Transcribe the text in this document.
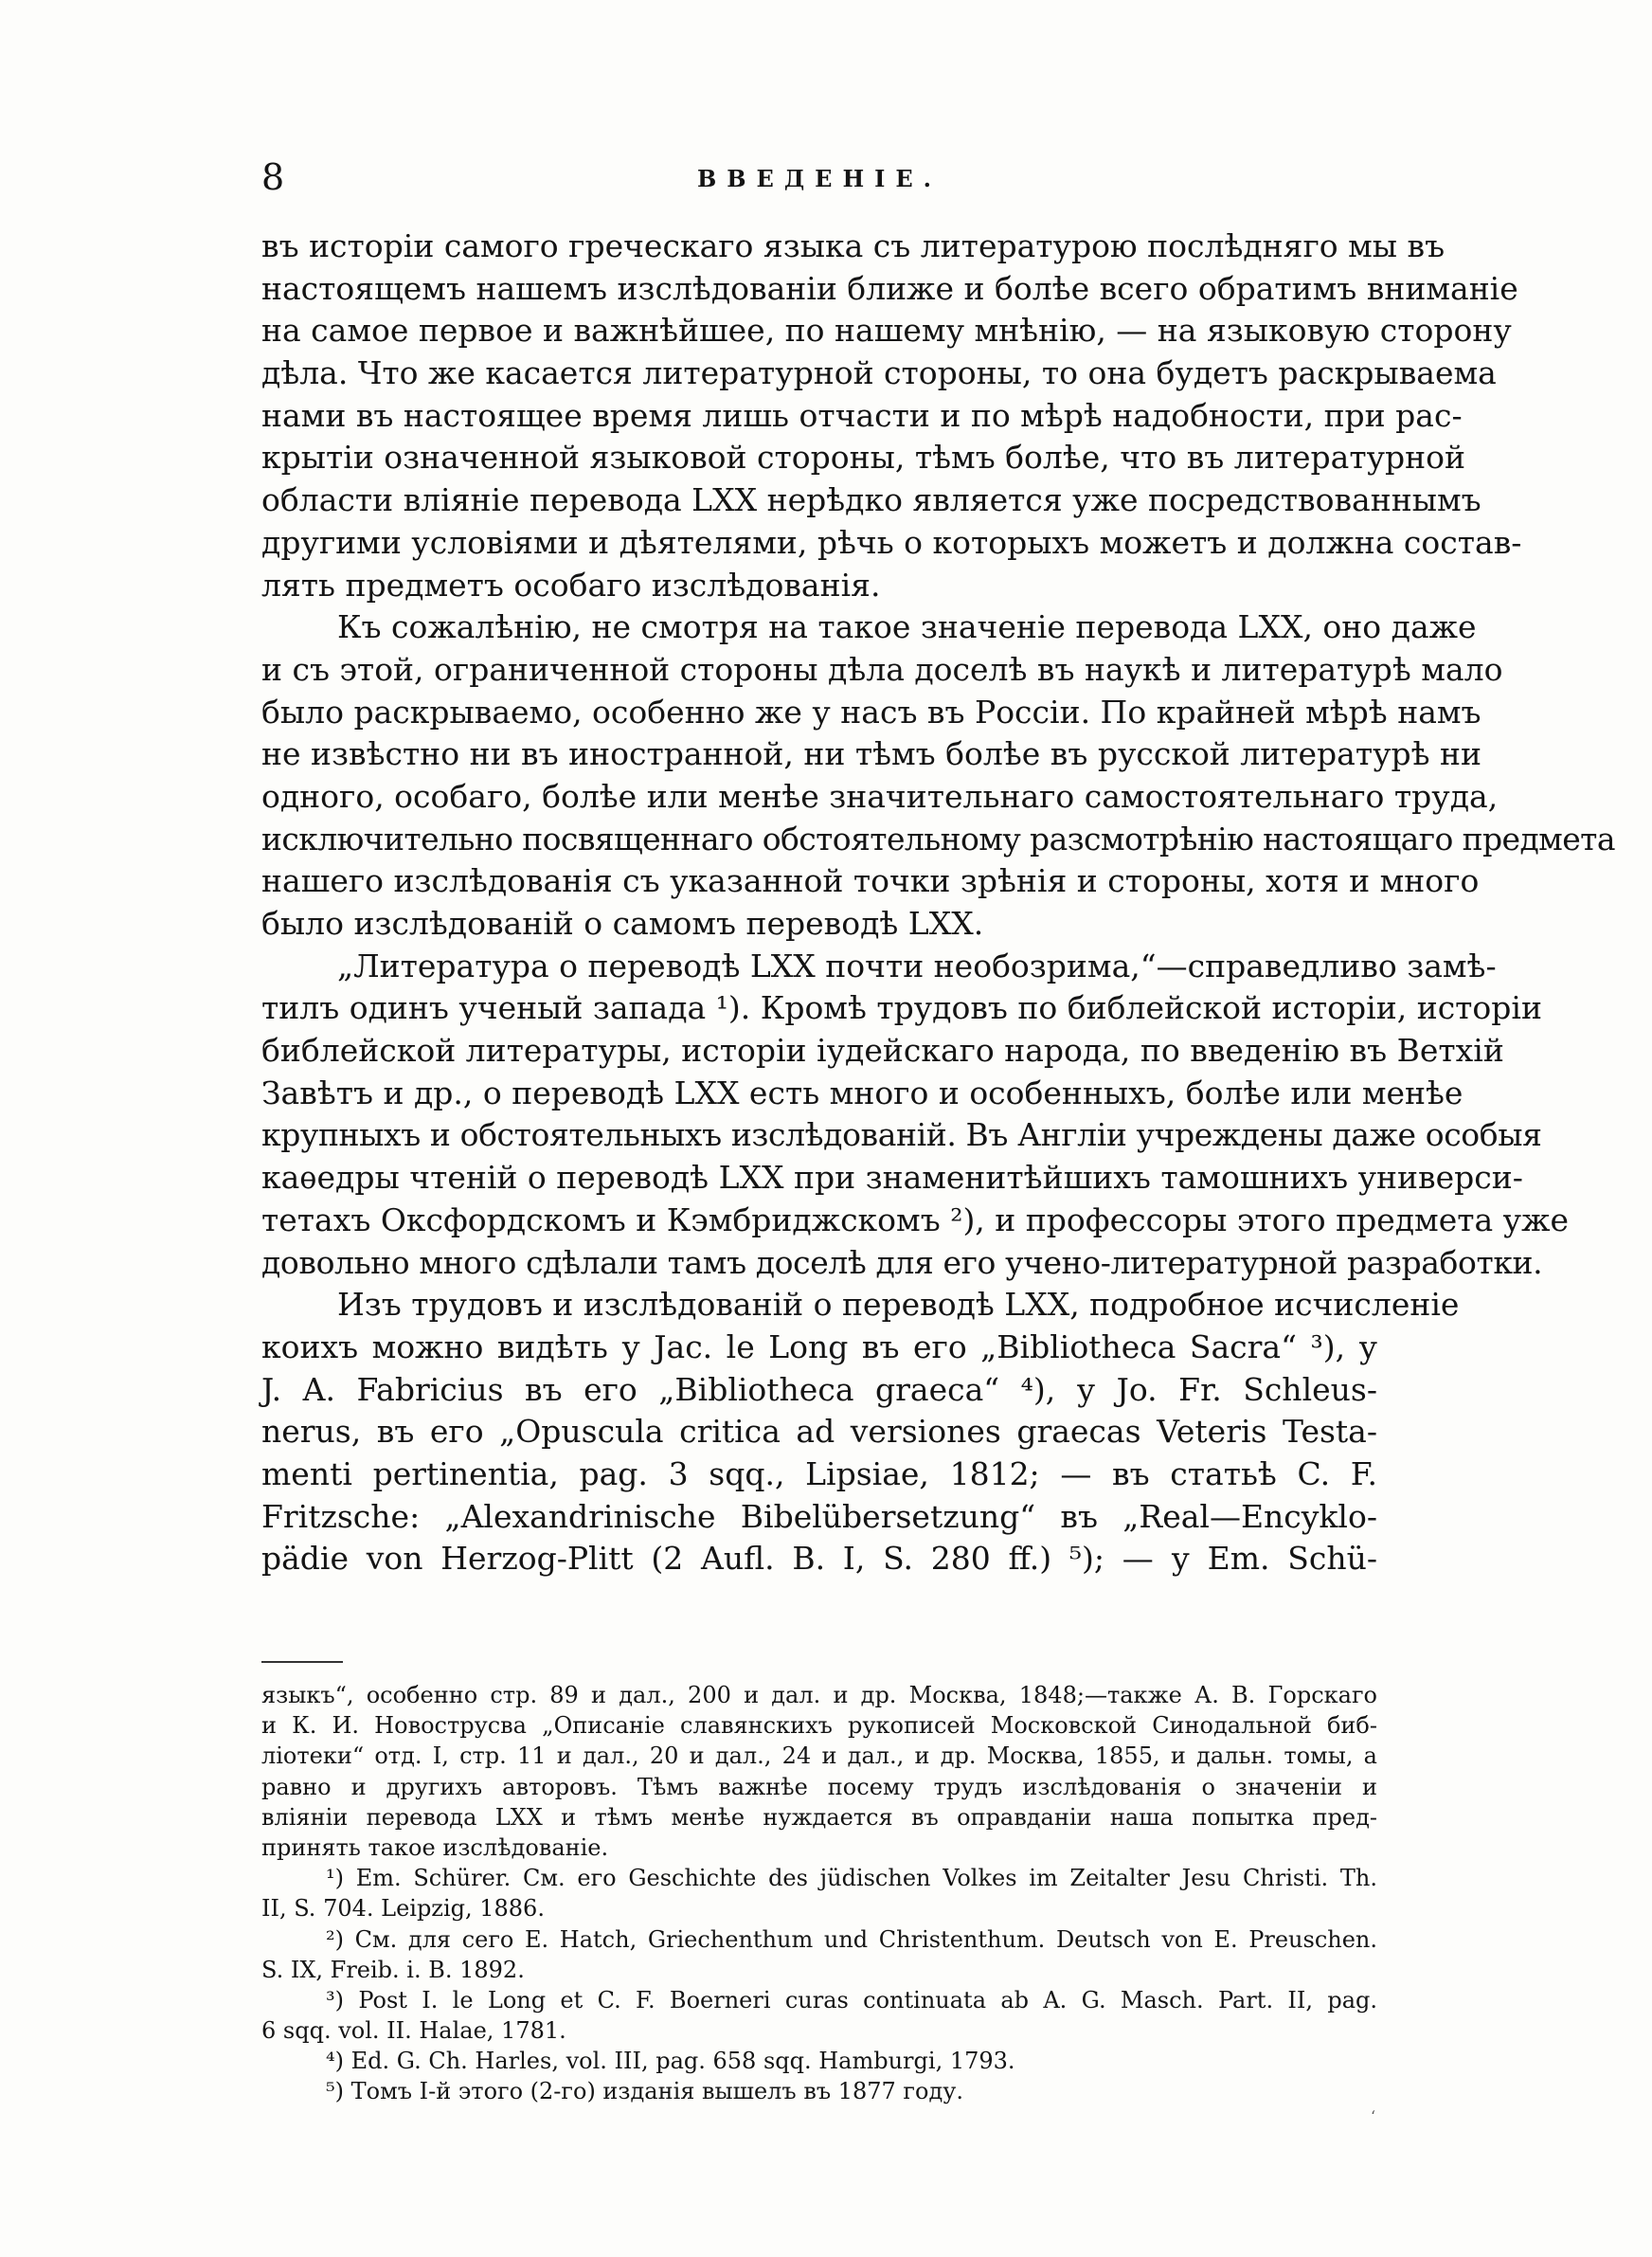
8	ВВЕДЕНІЕ.
въ исторіи самого греческаго языка съ литературою послѣдняго мы въ
настоящемъ нашемъ изслѣдованіи ближе и болѣе всего обратимъ вниманіе
на самое первое и важнѣйшее, по нашему мнѣнію, — на языковую сторону
дѣла. Что же касается литературной стороны, то она будетъ раскрываема
нами въ настоящее время лишь отчасти и по мѣрѣ надобности, при рас-
крытіи означенной языковой стороны, тѣмъ болѣе, что въ литературной
области вліяніе перевода LXX нерѣдко является уже посредствованнымъ
другими условіями и дѣятелями, рѣчь о которыхъ можетъ и должна состав-
лять предметъ особаго изслѣдованія.
Къ сожалѣнію, не смотря на такое значеніе перевода LXX, оно даже
и съ этой, ограниченной стороны дѣла доселѣ въ наукѣ и литературѣ мало
было раскрываемо, особенно же у насъ въ Россіи. По крайней мѣрѣ намъ
не извѣстно ни въ иностранной, ни тѣмъ болѣе въ русской литературѣ ни
одного, особаго, болѣе или менѣе значительнаго самостоятельнаго труда,
исключительно посвященнаго обстоятельному разсмотрѣнію настоящаго предмета
нашего изслѣдованія съ указанной точки зрѣнія и стороны, хотя и много
было изслѣдованій о самомъ переводѣ LXX.
„Литература о переводѣ LXX почти необозрима,“—справедливо замѣ-
тилъ одинъ ученый запада ¹). Кромѣ трудовъ по библейской исторіи, исторіи
библейской литературы, исторіи іудейскаго народа, по введенію въ Ветхій
Завѣтъ и др., о переводѣ LXX есть много и особенныхъ, болѣе или менѣе
крупныхъ и обстоятельныхъ изслѣдованій. Въ Англіи учреждены даже особыя
каѳедры чтеній о переводѣ LXX при знаменитѣйшихъ тамошнихъ универси-
тетахъ Оксфордскомъ и Кэмбриджскомъ ²), и профессоры этого предмета уже
довольно много сдѣлали тамъ доселѣ для его учено-литературной разработки.
Изъ трудовъ и изслѣдованій о переводѣ LXX, подробное исчисленіе
коихъ можно видѣть у Jac. le Long въ его „Bibliotheca Sacra“ ³), у
J. A. Fabricius въ его „Bibliotheca graeca“ ⁴), у Jo. Fr. Schleus-
nerus, въ его „Opuscula critica ad versiones graecas Veteris Testa-
menti pertinentia, pag. 3 sqq., Lipsiae, 1812; — въ статьѣ C. F.
Fritzsche: „Alexandrinische Bibelübersetzung“ въ „Real—Encyklo-
pädie von Herzog-Plitt (2 Aufl. B. I, S. 280 ff.) ⁵); — у Em. Schü-
языкъ“, особенно стр. 89 и дал., 200 и дал. и др. Москва, 1848;—также А. В. Горскаго
и К. И. Новострусва „Описаніе славянскихъ рукописей Московской Синодальной биб-
ліотеки“ отд. I, стр. 11 и дал., 20 и дал., 24 и дал., и др. Москва, 1855, и дальн. томы, а
равно и другихъ авторовъ. Тѣмъ важнѣе посему трудъ изслѣдованія о значеніи и
вліяніи перевода LXX и тѣмъ менѣе нуждается въ оправданіи наша попытка пред-
принять такое изслѣдованіе.
¹) Em. Schürer. См. его Geschichte des jüdischen Volkes im Zeitalter Jesu Christi. Th.
II, S. 704. Leipzig, 1886.
²) См. для сего E. Hatch, Griechenthum und Christenthum. Deutsch von E. Preuschen.
S. IX, Freib. i. B. 1892.
³) Post I. le Long et C. F. Boerneri curas continuata ab A. G. Masch. Part. II, pag.
6 sqq. vol. II. Halae, 1781.
⁴) Ed. G. Ch. Harles, vol. III, pag. 658 sqq. Hamburgi, 1793.
⁵) Томъ I-й этого (2-го) изданія вышелъ въ 1877 году.
ʻ
